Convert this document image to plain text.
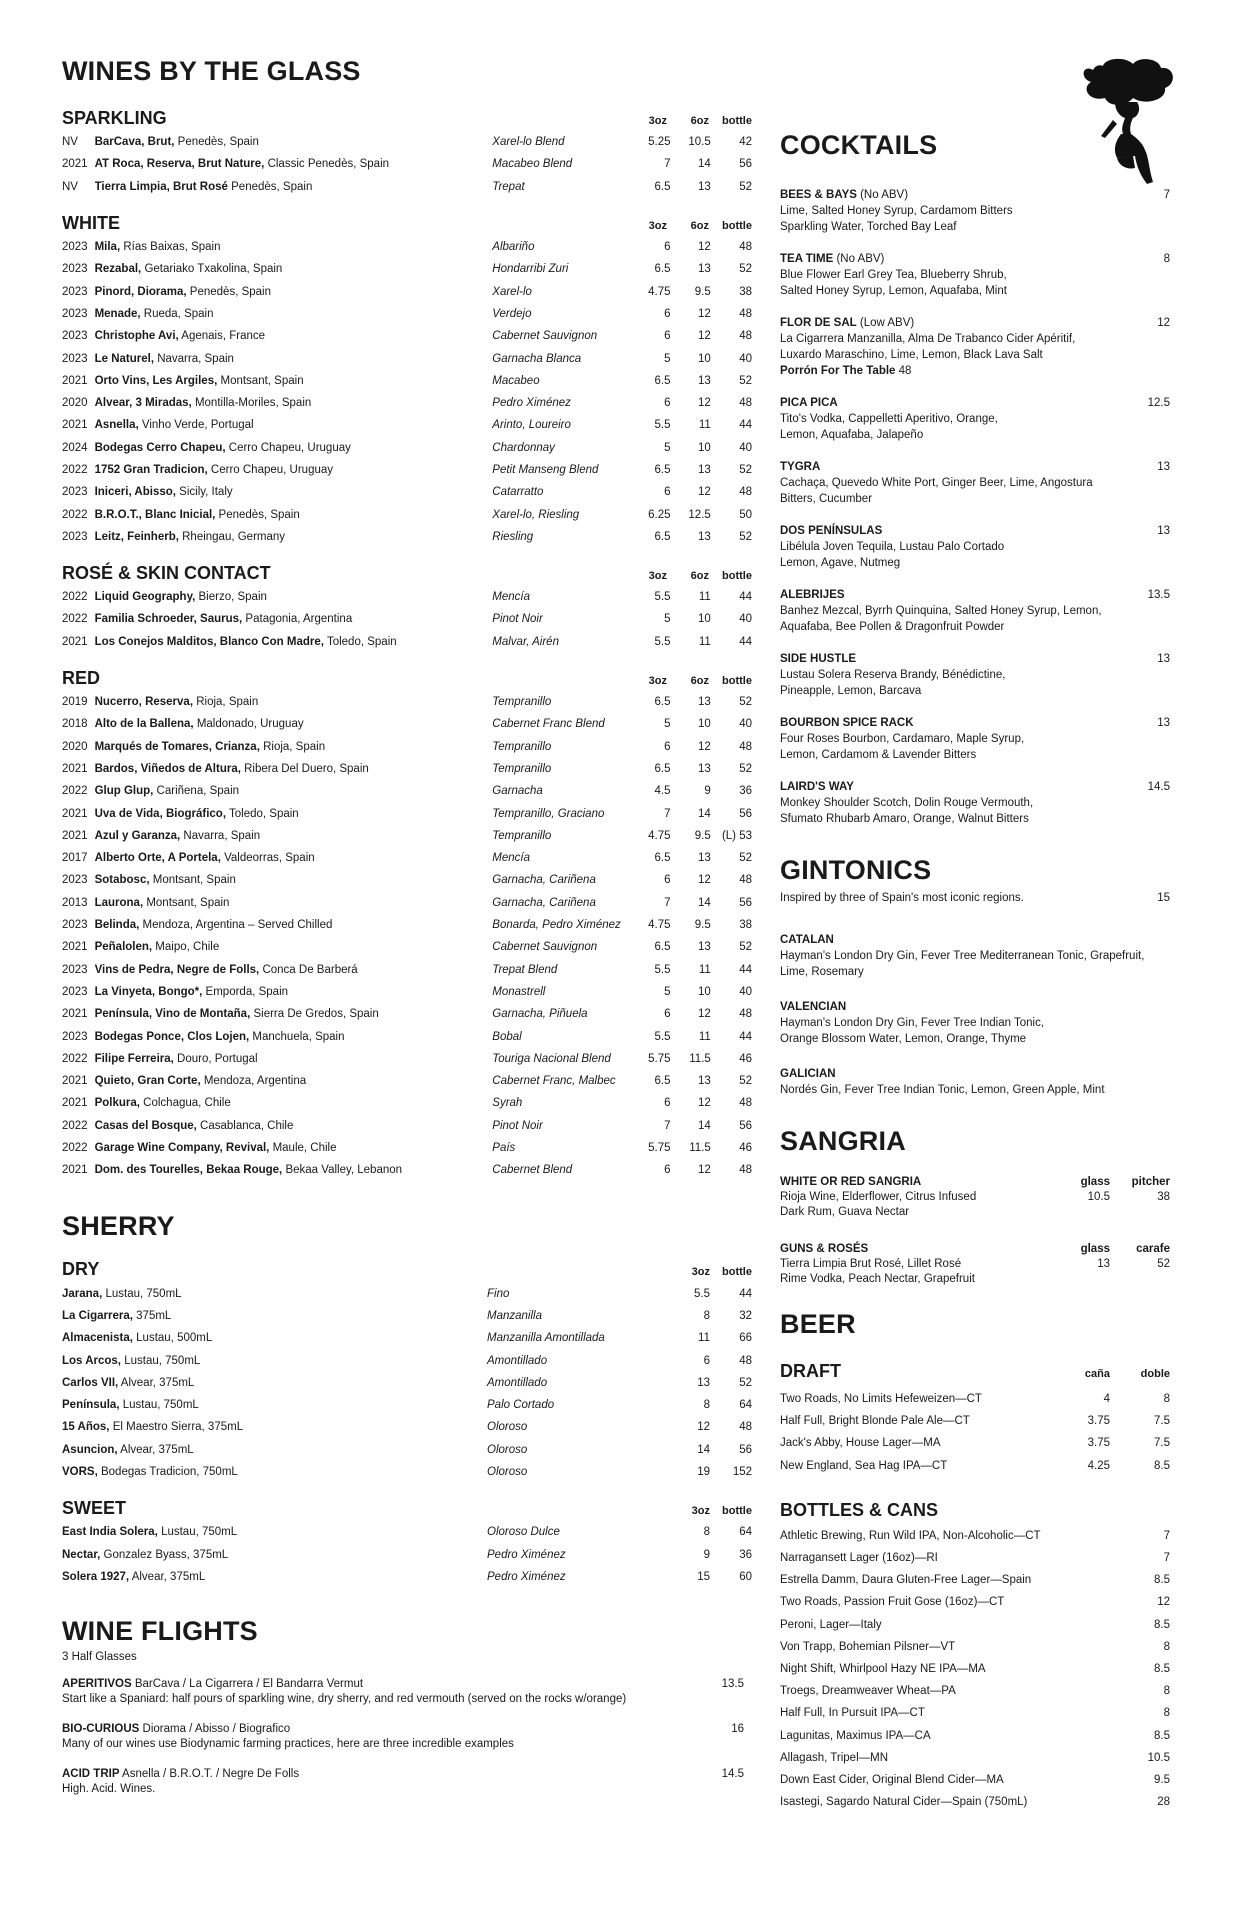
WINES BY THE GLASS
SPARKLING	3oz	6oz	bottle
NV	BarCava, Brut, Penedès, Spain	Xarel-lo Blend	5.25	10.5	42
2021 AT Roca, Reserva, Brut Nature, Classic Penedès, Spain	Macabeo Blend	7	14	56
NV	Tierra Limpia, Brut Rosé Penedès, Spain	Trepat	6.5	13	52
WHITE	3oz	6oz	bottle
2023 Mila, Rías Baixas, Spain	Albariño	6	12	48
2023 Rezabal, Getariako Txakolina, Spain	Hondarribi Zuri	6.5	13	52
2023 Pinord, Diorama, Penedès, Spain	Xarel-lo	4.75	9.5	38
2023 Menade, Rueda, Spain	Verdejo	6	12	48
2023 Christophe Avi, Agenais, France	Cabernet Sauvignon	6	12	48
2023 Le Naturel, Navarra, Spain	Garnacha Blanca	5	10	40
2021 Orto Vins, Les Argiles, Montsant, Spain	Macabeo	6.5	13	52
2020 Alvear, 3 Miradas, Montilla-Moriles, Spain	Pedro Ximénez	6	12	48
2021 Asnella, Vinho Verde, Portugal	Arinto, Loureiro	5.5	11	44
2024 Bodegas Cerro Chapeu, Cerro Chapeu, Uruguay	Chardonnay	5	10	40
2022 1752 Gran Tradicion, Cerro Chapeu, Uruguay	Petit Manseng Blend	6.5	13	52
2023 Iniceri, Abisso, Sicily, Italy	Catarratto	6	12	48
2022 B.R.O.T., Blanc Inicial, Penedès, Spain	Xarel-lo, Riesling	6.25	12.5	50
2023 Leitz, Feinherb, Rheingau, Germany	Riesling	6.5	13	52
ROSÉ & SKIN CONTACT	3oz	6oz	bottle
2022 Liquid Geography, Bierzo, Spain	Mencía	5.5	11	44
2022 Familia Schroeder, Saurus, Patagonia, Argentina	Pinot Noir	5	10	40
2021 Los Conejos Malditos, Blanco Con Madre, Toledo, Spain	Malvar, Airén	5.5	11	44
RED	3oz	6oz	bottle
2019 Nucerro, Reserva, Rioja, Spain	Tempranillo	6.5	13	52
2018 Alto de la Ballena, Maldonado, Uruguay	Cabernet Franc Blend	5	10	40
2020 Marqués de Tomares, Crianza, Rioja, Spain	Tempranillo	6	12	48
2021 Bardos, Viñedos de Altura, Ribera Del Duero, Spain	Tempranillo	6.5	13	52
2022 Glup Glup, Cariñena, Spain	Garnacha	4.5	9	36
2021 Uva de Vida, Biográfico, Toledo, Spain	Tempranillo, Graciano	7	14	56
2021 Azul y Garanza, Navarra, Spain	Tempranillo	4.75	9.5 (L) 53
2017 Alberto Orte, A Portela, Valdeorras, Spain	Mencía	6.5	13	52
2023 Sotabosc, Montsant, Spain	Garnacha, Cariñena	6	12	48
2013 Laurona, Montsant, Spain	Garnacha, Cariñena	7	14	56
2023 Belinda, Mendoza, Argentina – Served Chilled	Bonarda, Pedro Ximénez	4.75	9.5	38
2021 Peñalolen, Maipo, Chile	Cabernet Sauvignon	6.5	13	52
2023 Vins de Pedra, Negre de Folls, Conca De Barberá	Trepat Blend	5.5	11	44
2023 La Vinyeta, Bongo*, Emporda, Spain	Monastrell	5	10	40
2021 Península, Vino de Montaña, Sierra De Gredos, Spain	Garnacha, Piñuela	6	12	48
2023 Bodegas Ponce, Clos Lojen, Manchuela, Spain	Bobal	5.5	11	44
2022 Filipe Ferreira, Douro, Portugal	Touriga Nacional Blend	5.75	11.5	46
2021 Quieto, Gran Corte, Mendoza, Argentina	Cabernet Franc, Malbec	6.5	13	52
2021 Polkura, Colchagua, Chile	Syrah	6	12	48
2022 Casas del Bosque, Casablanca, Chile	Pinot Noir	7	14	56
2022 Garage Wine Company, Revival, Maule, Chile	País	5.75	11.5	46
2021 Dom. des Tourelles, Bekaa Rouge, Bekaa Valley, Lebanon	Cabernet Blend	6	12	48
SHERRY
DRY	3oz	bottle
Jarana, Lustau, 750mL	Fino	5.5	44
La Cigarrera, 375mL	Manzanilla	8	32
Almacenista, Lustau, 500mL	Manzanilla Amontillada	11	66
Los Arcos, Lustau, 750mL	Amontillado	6	48
Carlos VII, Alvear, 375mL	Amontillado	13	52
Península, Lustau, 750mL	Palo Cortado	8	64
15 Años, El Maestro Sierra, 375mL	Oloroso	12	48
Asuncion, Alvear, 375mL	Oloroso	14	56
VORS, Bodegas Tradicion, 750mL	Oloroso	19	152
SWEET	3oz	bottle
East India Solera, Lustau, 750mL	Oloroso Dulce	8	64
Nectar, Gonzalez Byass, 375mL	Pedro Ximénez	9	36
Solera 1927, Alvear, 375mL	Pedro Ximénez	15	60
WINE FLIGHTS
3 Half Glasses
APERITIVOS BarCava / La Cigarrera / El Bandarra Vermut	13.5
Start like a Spaniard: half pours of sparkling wine, dry sherry, and red vermouth (served on the rocks w/orange)
BIO-CURIOUS Diorama / Abisso / Biografico	16
Many of our wines use Biodynamic farming practices, here are three incredible examples
ACID TRIP Asnella / B.R.O.T. / Negre De Folls	14.5
High. Acid. Wines.
COCKTAILS
BEES & BAYS (No ABV)	7
Lime, Salted Honey Syrup, Cardamom Bitters
Sparkling Water, Torched Bay Leaf
TEA TIME (No ABV)	8
Blue Flower Earl Grey Tea, Blueberry Shrub,
Salted Honey Syrup, Lemon, Aquafaba, Mint
FLOR DE SAL (Low ABV)	12
La Cigarrera Manzanilla, Alma De Trabanco Cider Apéritif,
Luxardo Maraschino, Lime, Lemon, Black Lava Salt
Porrón For The Table 48
PICA PICA	12.5
Tito's Vodka, Cappelletti Aperitivo, Orange,
Lemon, Aquafaba, Jalapeño
TYGRA	13
Cachaça, Quevedo White Port, Ginger Beer, Lime, Angostura
Bitters, Cucumber
DOS PENÍNSULAS	13
Libélula Joven Tequila, Lustau Palo Cortado
Lemon, Agave, Nutmeg
ALEBRIJES	13.5
Banhez Mezcal, Byrrh Quinquina, Salted Honey Syrup, Lemon,
Aquafaba, Bee Pollen & Dragonfruit Powder
SIDE HUSTLE	13
Lustau Solera Reserva Brandy, Bénédictine,
Pineapple, Lemon, Barcava
BOURBON SPICE RACK	13
Four Roses Bourbon, Cardamaro, Maple Syrup,
Lemon, Cardamom & Lavender Bitters
LAIRD'S WAY	14.5
Monkey Shoulder Scotch, Dolin Rouge Vermouth,
Sfumato Rhubarb Amaro, Orange, Walnut Bitters
GINTONICS
Inspired by three of Spain's most iconic regions.	15
CATALAN
Hayman's London Dry Gin, Fever Tree Mediterranean Tonic, Grapefruit,
Lime, Rosemary
VALENCIAN
Hayman's London Dry Gin, Fever Tree Indian Tonic,
Orange Blossom Water, Lemon, Orange, Thyme
GALICIAN
Nordés Gin, Fever Tree Indian Tonic, Lemon, Green Apple, Mint
SANGRIA
WHITE OR RED SANGRIA	glass	pitcher
Rioja Wine, Elderflower, Citrus Infused	10.5	38
Dark Rum, Guava Nectar
GUNS & ROSÉS	glass	carafe
Tierra Limpia Brut Rosé, Lillet Rosé	13	52
Rime Vodka, Peach Nectar, Grapefruit
BEER
DRAFT	caña	doble
Two Roads, No Limits Hefeweizen—CT	4	8
Half Full, Bright Blonde Pale Ale—CT	3.75	7.5
Jack's Abby, House Lager—MA	3.75	7.5
New England, Sea Hag IPA—CT	4.25	8.5
BOTTLES & CANS
Athletic Brewing, Run Wild IPA, Non-Alcoholic—CT	7
Narragansett Lager (16oz)—RI	7
Estrella Damm, Daura Gluten-Free Lager—Spain	8.5
Two Roads, Passion Fruit Gose (16oz)—CT	12
Peroni, Lager—Italy	8.5
Von Trapp, Bohemian Pilsner—VT	8
Night Shift, Whirlpool Hazy NE IPA—MA	8.5
Troegs, Dreamweaver Wheat—PA	8
Half Full, In Pursuit IPA—CT	8
Lagunitas, Maximus IPA—CA	8.5
Allagash, Tripel—MN	10.5
Down East Cider, Original Blend Cider—MA	9.5
Isastegi, Sagardo Natural Cider—Spain (750mL)	28
